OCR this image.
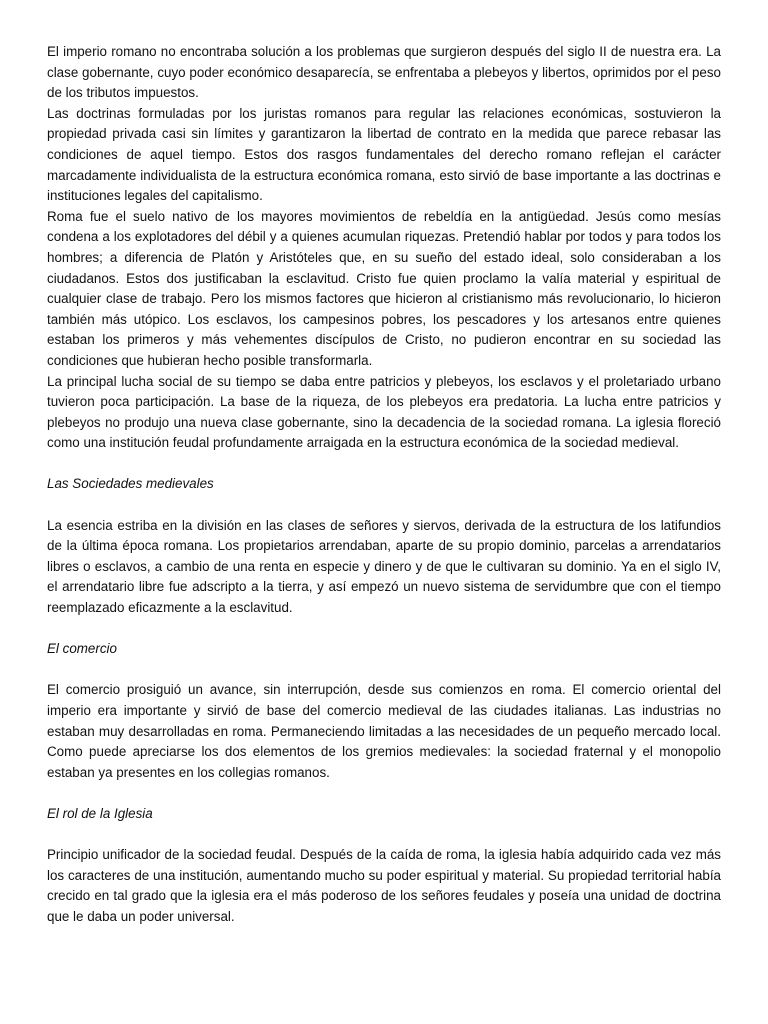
El imperio romano no encontraba solución a los problemas que surgieron después del siglo II de nuestra era. La clase gobernante, cuyo poder económico desaparecía, se enfrentaba a plebeyos y libertos, oprimidos por el peso de los tributos impuestos.

Las doctrinas formuladas por los juristas romanos para regular las relaciones económicas, sostuvieron la propiedad privada casi sin límites y garantizaron la libertad de contrato en la medida que parece rebasar las condiciones de aquel tiempo. Estos dos rasgos fundamentales del derecho romano reflejan el carácter marcadamente individualista de la estructura económica romana, esto sirvió de base importante a las doctrinas e instituciones legales del capitalismo.

Roma fue el suelo nativo de los mayores movimientos de rebeldía en la antigüedad. Jesús como mesías condena a los explotadores del débil y a quienes acumulan riquezas. Pretendió hablar por todos y para todos los hombres; a diferencia de Platón y Aristóteles que, en su sueño del estado ideal, solo consideraban a los ciudadanos. Estos dos justificaban la esclavitud. Cristo fue quien proclamo la valía material y espiritual de cualquier clase de trabajo. Pero los mismos factores que hicieron al cristianismo más revolucionario, lo hicieron también más utópico. Los esclavos, los campesinos pobres, los pescadores y los artesanos entre quienes estaban los primeros y más vehementes discípulos de Cristo, no pudieron encontrar en su sociedad las condiciones que hubieran hecho posible transformarla.

La principal lucha social de su tiempo se daba entre patricios y plebeyos, los esclavos y el proletariado urbano tuvieron poca participación. La base de la riqueza, de los plebeyos era predatoria. La lucha entre patricios y plebeyos no produjo una nueva clase gobernante, sino la decadencia de la sociedad romana. La iglesia floreció como una institución feudal profundamente arraigada en la estructura económica de la sociedad medieval.

Las Sociedades medievales

La esencia estriba en la división en las clases de señores y siervos, derivada de la estructura de los latifundios de la última época romana. Los propietarios arrendaban, aparte de su propio dominio, parcelas a arrendatarios libres o esclavos, a cambio de una renta en especie y dinero y de que le cultivaran su dominio. Ya en el siglo IV, el arrendatario libre fue adscripto a la tierra, y así empezó un nuevo sistema de servidumbre que con el tiempo reemplazado eficazmente a la esclavitud.

El comercio

El comercio prosiguió un avance, sin interrupción, desde sus comienzos en roma. El comercio oriental del imperio era importante y sirvió de base del comercio medieval de las ciudades italianas. Las industrias no estaban muy desarrolladas en roma. Permaneciendo limitadas a las necesidades de un pequeño mercado local. Como puede apreciarse los dos elementos de los gremios medievales: la sociedad fraternal y el monopolio estaban ya presentes en los collegias romanos.

El rol de la Iglesia

Principio unificador de la sociedad feudal. Después de la caída de roma, la iglesia había adquirido cada vez más los caracteres de una institución, aumentando mucho su poder espiritual y material. Su propiedad territorial había crecido en tal grado que la iglesia era el más poderoso de los señores feudales y poseía una unidad de doctrina que le daba un poder universal.
